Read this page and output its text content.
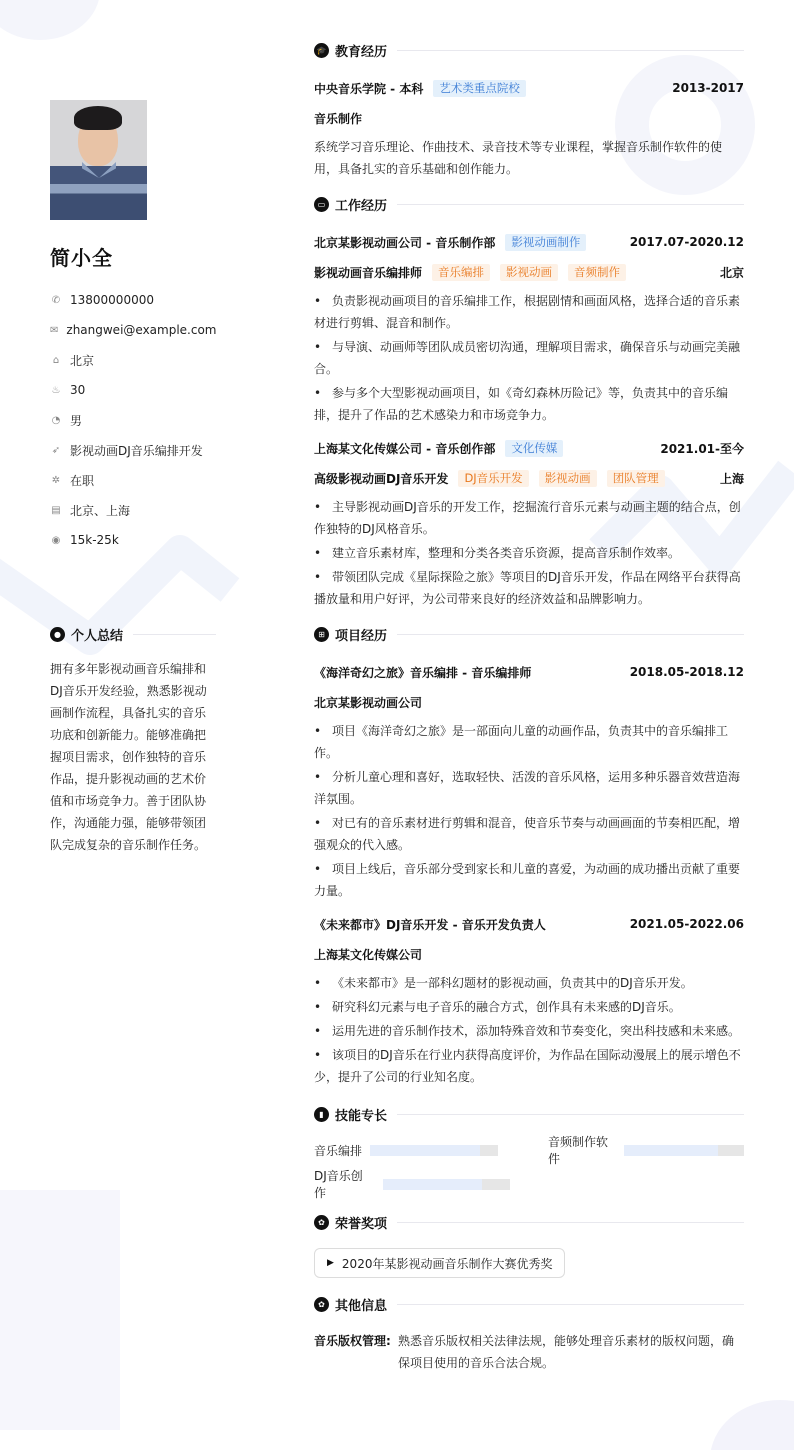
简小全
✆ 13800000000
✉ zhangwei@example.com
⌂ 北京
♨ 30
◔ 男
➶ 影视动画DJ音乐编排开发
✲ 在职
▤ 北京、上海
◉ 15k-25k
● 个人总结
拥有多年影视动画音乐编排和DJ音乐开发经验，熟悉影视动画制作流程，具备扎实的音乐功底和创新能力。能够准确把握项目需求，创作独特的音乐作品，提升影视动画的艺术价值和市场竞争力。善于团队协作，沟通能力强，能够带领团队完成复杂的音乐制作任务。
🎓 教育经历
中央音乐学院 - 本科	艺术类重点院校	2013-2017
音乐制作
系统学习音乐理论、作曲技术、录音技术等专业课程，掌握音乐制作软件的使用，具备扎实的音乐基础和创作能力。
▭ 工作经历
北京某影视动画公司 - 音乐制作部	影视动画制作	2017.07-2020.12
影视动画音乐编排师	音乐编排	影视动画	音频制作	北京
• 负责影视动画项目的音乐编排工作，根据剧情和画面风格，选择合适的音乐素材进行剪辑、混音和制作。
• 与导演、动画师等团队成员密切沟通，理解项目需求，确保音乐与动画完美融合。
• 参与多个大型影视动画项目，如《奇幻森林历险记》等，负责其中的音乐编排，提升了作品的艺术感染力和市场竞争力。
上海某文化传媒公司 - 音乐创作部	文化传媒	2021.01-至今
高级影视动画DJ音乐开发	DJ音乐开发	影视动画	团队管理	上海
• 主导影视动画DJ音乐的开发工作，挖掘流行音乐元素与动画主题的结合点，创作独特的DJ风格音乐。
• 建立音乐素材库，整理和分类各类音乐资源，提高音乐制作效率。
• 带领团队完成《星际探险之旅》等项目的DJ音乐开发，作品在网络平台获得高播放量和用户好评，为公司带来良好的经济效益和品牌影响力。
⊞ 项目经历
《海洋奇幻之旅》音乐编排 - 音乐编排师	2018.05-2018.12
北京某影视动画公司
• 项目《海洋奇幻之旅》是一部面向儿童的动画作品，负责其中的音乐编排工作。
• 分析儿童心理和喜好，选取轻快、活泼的音乐风格，运用多种乐器音效营造海洋氛围。
• 对已有的音乐素材进行剪辑和混音，使音乐节奏与动画画面的节奏相匹配，增强观众的代入感。
• 项目上线后，音乐部分受到家长和儿童的喜爱，为动画的成功播出贡献了重要力量。
《未来都市》DJ音乐开发 - 音乐开发负责人	2021.05-2022.06
上海某文化传媒公司
• 《未来都市》是一部科幻题材的影视动画，负责其中的DJ音乐开发。
• 研究科幻元素与电子音乐的融合方式，创作具有未来感的DJ音乐。
• 运用先进的音乐制作技术，添加特殊音效和节奏变化，突出科技感和未来感。
• 该项目的DJ音乐在行业内获得高度评价，为作品在国际动漫展上的展示增色不少，提升了公司的行业知名度。
▮ 技能专长
音乐编排
音频制作软件
DJ音乐创作
✿ 荣誉奖项
▶ 2020年某影视动画音乐制作大赛优秀奖
✿ 其他信息
音乐版权管理: 熟悉音乐版权相关法律法规，能够处理音乐素材的版权问题，确保项目使用的音乐合法合规。
